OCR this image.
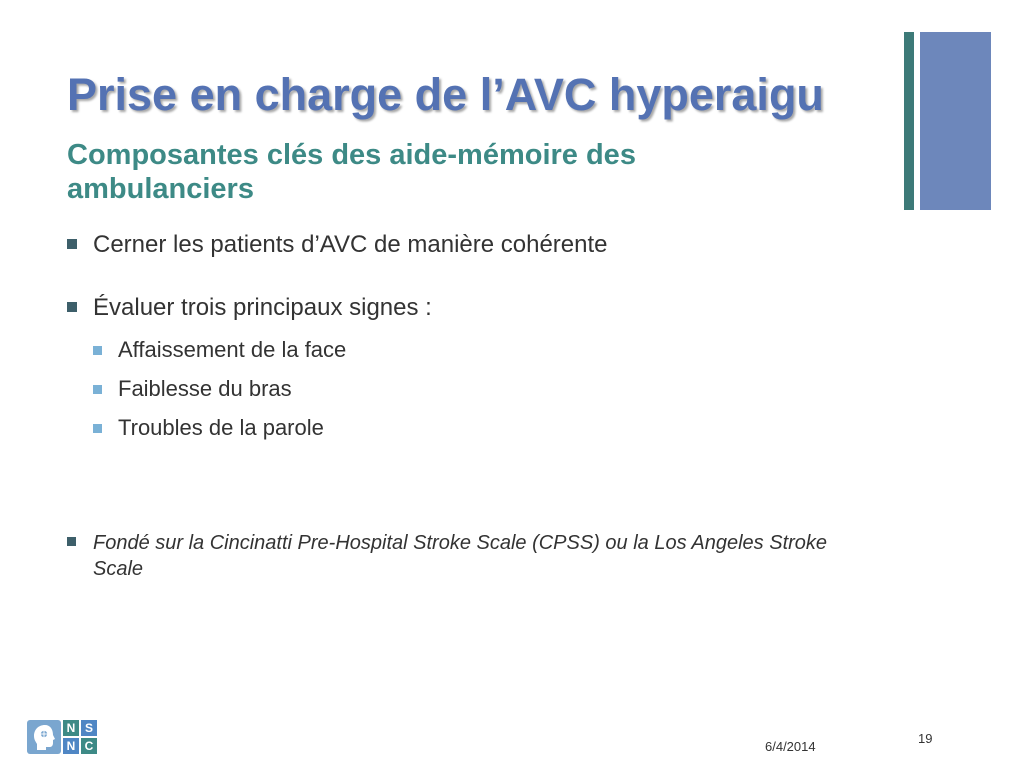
Prise en charge de l’AVC hyperaigu
Composantes clés des aide-mémoire des ambulanciers
Cerner les patients d’AVC de manière cohérente
Évaluer trois principaux signes :
Affaissement de la face
Faiblesse du bras
Troubles de la parole
Fondé sur la Cincinatti Pre-Hospital Stroke Scale (CPSS) ou la Los Angeles Stroke Scale
N S
N C	6/4/2014
19
